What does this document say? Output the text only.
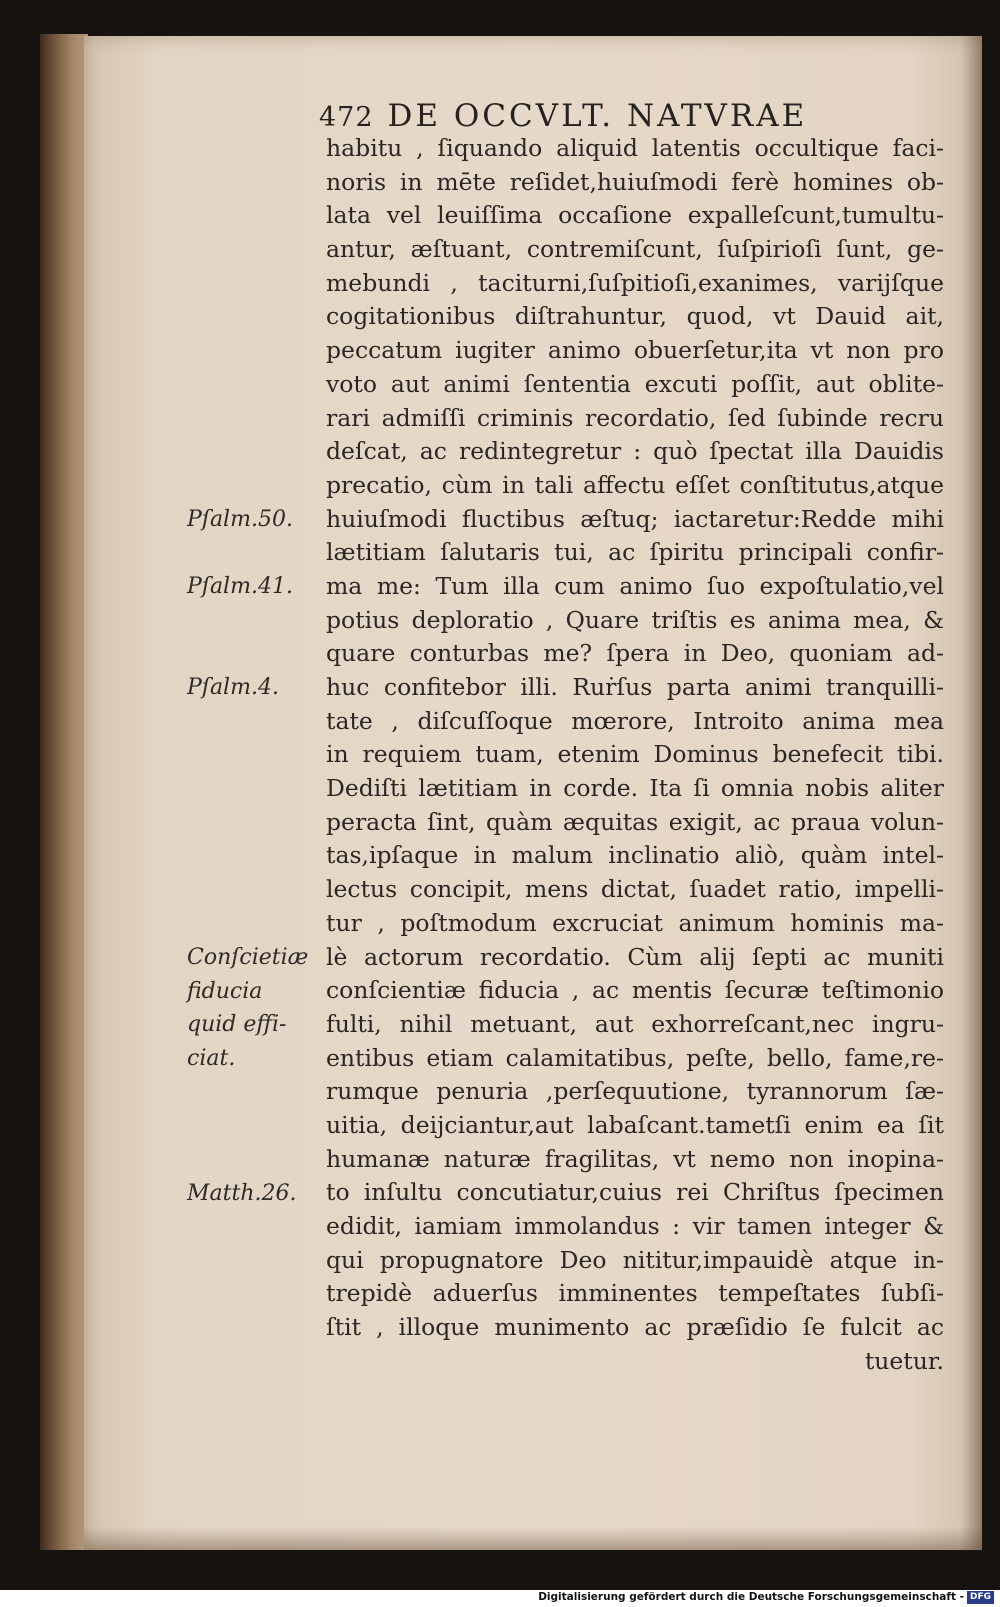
472 DE OCCVLT. NATVRAE
habitu , ſiquando aliquid latentis occultique faci-
noris in mēte reſidet,huiuſmodi ferè homines ob-
lata vel leuiſſima occaſione expalleſcunt,tumultu-
antur, æſtuant, contremiſcunt, ſuſpirioſi ſunt, ge-
mebundi , taciturni,ſuſpitioſi,exanimes, varijſque
cogitationibus diſtrahuntur, quod, vt Dauid ait,
peccatum iugiter animo obuerſetur,ita vt non pro
voto aut animi ſententia excuti poſſit, aut oblite-
rari admiſſi criminis recordatio, ſed ſubinde recru
deſcat, ac redintegretur : quò ſpectat illa Dauidis
precatio, cùm in tali affectu eſſet conſtitutus,atque
huiuſmodi fluctibus æſtuq; iactaretur:Redde mihi
lætitiam ſalutaris tui, ac ſpiritu principali confir-
ma me: Tum illa cum animo ſuo expoſtulatio,vel
potius deploratio , Quare triſtis es anima mea, &
quare conturbas me? ſpera in Deo, quoniam ad-
huc confitebor illi. Ruṙſus parta animi tranquilli-
tate , diſcuſſoque mœrore, Introito anima mea
in requiem tuam, etenim Dominus benefecit tibi.
Dediſti lætitiam in corde. Ita ſi omnia nobis aliter
peracta ſint, quàm æquitas exigit, ac praua volun-
tas,ipſaque in malum inclinatio aliò, quàm intel-
lectus concipit, mens dictat, ſuadet ratio, impelli-
tur , poſtmodum excruciat animum hominis ma-
lè actorum recordatio. Cùm alij ſepti ac muniti
conſcientiæ fiducia , ac mentis ſecuræ teſtimonio
fulti, nihil metuant, aut exhorreſcant,nec ingru-
entibus etiam calamitatibus, peſte, bello, fame,re-
rumque penuria ,perſequutione, tyrannorum ſæ-
uitia, deijciantur,aut labaſcant.tametſi enim ea ſit
humanæ naturæ fragilitas, vt nemo non inopina-
to inſultu concutiatur,cuius rei Chriſtus ſpecimen
edidit, iamiam immolandus : vir tamen integer &
qui propugnatore Deo nititur,impauidè atque in-
trepidè aduerſus imminentes tempeſtates ſubſi-
ſtit , illoque munimento ac præſidio ſe fulcit ac
tuetur.
Pſalm.50.
Pſalm.41.
Pſalm.4.
Conſcietiæ
fiducia
quid effi-
ciat.
Matth.26.
Digitalisierung gefördert durch die Deutsche Forschungsgemeinschaft - DFG
